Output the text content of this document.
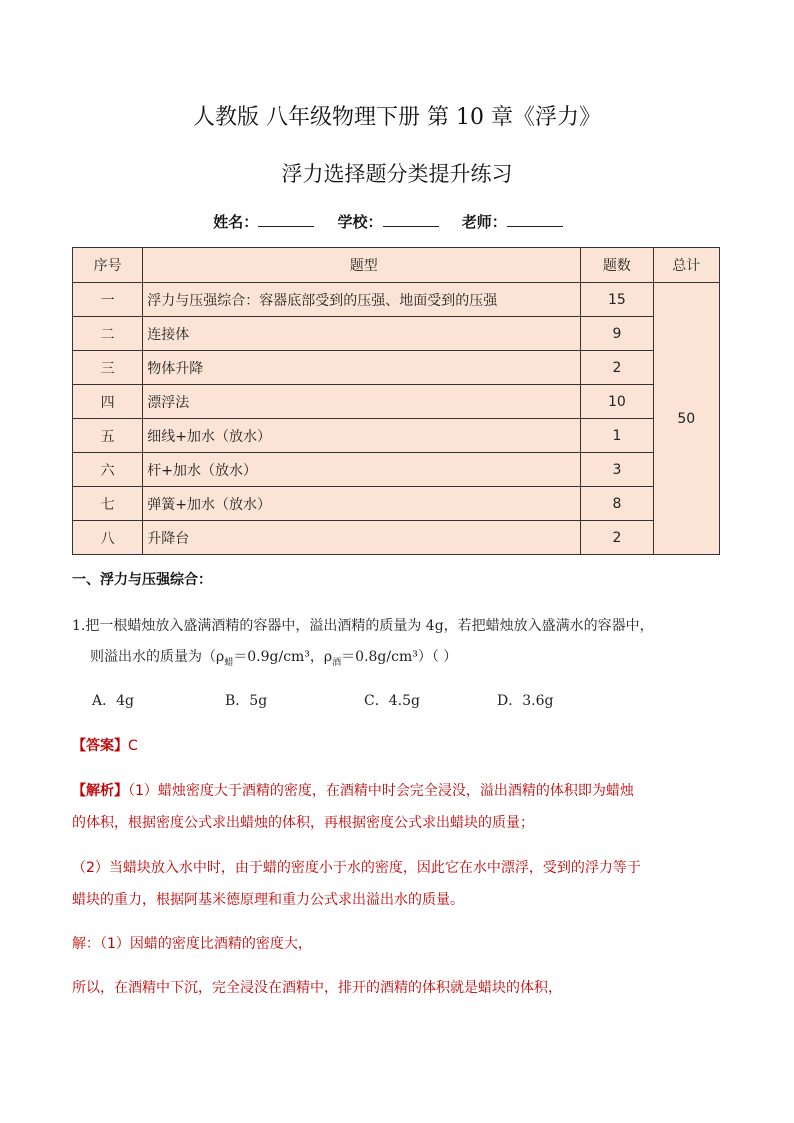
人教版 八年级物理下册 第 10 章《浮力》
浮力选择题分类提升练习
姓名：	学校：	老师：
序号	题型	题数	总计
一	浮力与压强综合：容器底部受到的压强、地面受到的压强	15	50
二	连接体	9	
三	物体升降	2	
四	漂浮法	10	
五	细线+加水（放水）	1	
六	杆+加水（放水）	3	
七	弹簧+加水（放水）	8	
八	升降台	2	
一、浮力与压强综合：
1.把一根蜡烛放入盛满酒精的容器中，溢出酒精的质量为 4g，若把蜡烛放入盛满水的容器中，
则溢出水的质量为（$\rho_蜡=0.9g$/cm³，$\rho_酒=0.8g/cm^3$）（ ）
A．4g	B．5g	C．4.5g	D．3.6g
【答案】C
【解析】（1）蜡烛密度大于酒精的密度，在酒精中时会完全浸没，溢出酒精的体积即为蜡烛
的体积，根据密度公式求出蜡烛的体积，再根据密度公式求出蜡块的质量；
（2）当蜡块放入水中时，由于蜡的密度小于水的密度，因此它在水中漂浮，受到的浮力等于
蜡块的重力，根据阿基米德原理和重力公式求出溢出水的质量。
解：（1）因蜡的密度比酒精的密度大，
所以，在酒精中下沉，完全浸没在酒精中，排开的酒精的体积就是蜡块的体积，
